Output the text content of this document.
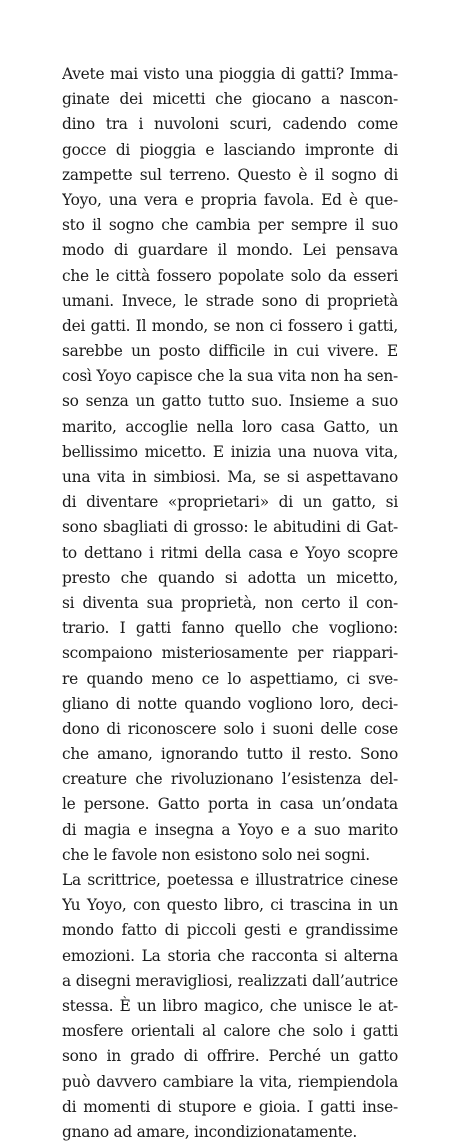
Avete mai visto una pioggia di gatti? Imma-
ginate dei micetti che giocano a nascon-
dino tra i nuvoloni scuri, cadendo come
gocce di pioggia e lasciando impronte di
zampette sul terreno. Questo è il sogno di
Yoyo, una vera e propria favola. Ed è que-
sto il sogno che cambia per sempre il suo
modo di guardare il mondo. Lei pensava
che le città fossero popolate solo da esseri
umani. Invece, le strade sono di proprietà
dei gatti. Il mondo, se non ci fossero i gatti,
sarebbe un posto difficile in cui vivere. E
così Yoyo capisce che la sua vita non ha sen-
so senza un gatto tutto suo. Insieme a suo
marito, accoglie nella loro casa Gatto, un
bellissimo micetto. E inizia una nuova vita,
una vita in simbiosi. Ma, se si aspettavano
di diventare «proprietari» di un gatto, si
sono sbagliati di grosso: le abitudini di Gat-
to dettano i ritmi della casa e Yoyo scopre
presto che quando si adotta un micetto,
si diventa sua proprietà, non certo il con-
trario. I gatti fanno quello che vogliono:
scompaiono misteriosamente per riappari-
re quando meno ce lo aspettiamo, ci sve-
gliano di notte quando vogliono loro, deci-
dono di riconoscere solo i suoni delle cose
che amano, ignorando tutto il resto. Sono
creature che rivoluzionano l’esistenza del-
le persone. Gatto porta in casa un’ondata
di magia e insegna a Yoyo e a suo marito
che le favole non esistono solo nei sogni.
La scrittrice, poetessa e illustratrice cinese
Yu Yoyo, con questo libro, ci trascina in un
mondo fatto di piccoli gesti e grandissime
emozioni. La storia che racconta si alterna
a disegni meravigliosi, realizzati dall’autrice
stessa. È un libro magico, che unisce le at-
mosfere orientali al calore che solo i gatti
sono in grado di offrire. Perché un gatto
può davvero cambiare la vita, riempiendola
di momenti di stupore e gioia. I gatti inse-
gnano ad amare, incondizionatamente.
